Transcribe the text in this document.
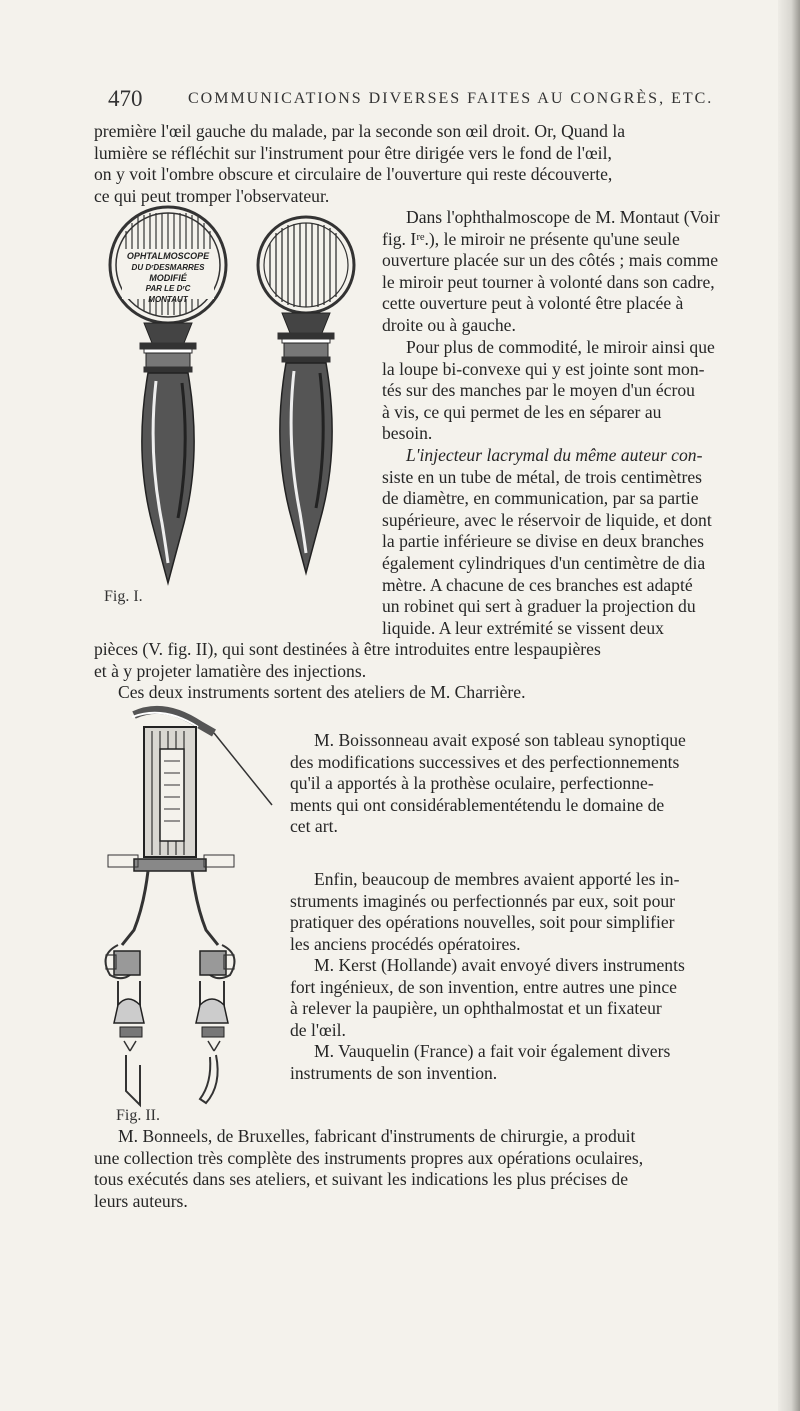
470	COMMUNICATIONS DIVERSES FAITES AU CONGRÈS, ETC.
première l'œil gauche du malade, par la seconde son œil droit. Or, Quand la
lumière se réfléchit sur l'instrument pour être dirigée vers le fond de l'œil,
on y voit l'ombre obscure et circulaire de l'ouverture qui reste découverte,
ce qui peut tromper l'observateur.
OPHTALMOSCOPE
DU DʳDESMARRES
MODIFIÉ
PAR LE DʳC
MONTAUT
Fig. I.
Dans l'ophthalmoscope de M. Montaut (Voir
fig. Iʳᵉ.), le miroir ne présente qu'une seule
ouverture placée sur un des côtés ; mais comme
le miroir peut tourner à volonté dans son cadre,
cette ouverture peut à volonté être placée à
droite ou à gauche.
Pour plus de commodité, le miroir ainsi que
la loupe bi-convexe qui y est jointe sont mon-
tés sur des manches par le moyen d'un écrou
à vis, ce qui permet de les en séparer au
besoin.
L'injecteur lacrymal du même auteur con-
siste en un tube de métal, de trois centimètres
de diamètre, en communication, par sa partie
supérieure, avec le réservoir de liquide, et dont
la partie inférieure se divise en deux branches
également cylindriques d'un centimètre de dia
mètre. A chacune de ces branches est adapté
un robinet qui sert à graduer la projection du
liquide. A leur extrémité se vissent deux
pièces (V. fig. II), qui sont destinées à être introduites entre lespaupières
et à y projeter lamatière des injections.
Ces deux instruments sortent des ateliers de M. Charrière.
Fig. II.
M. Boissonneau avait exposé son tableau synoptique
des modifications successives et des perfectionnements
qu'il a apportés à la prothèse oculaire, perfectionne-
ments qui ont considérablementétendu le domaine de
cet art.
Enfin, beaucoup de membres avaient apporté les in-
struments imaginés ou perfectionnés par eux, soit pour
pratiquer des opérations nouvelles, soit pour simplifier
les anciens procédés opératoires.
M. Kerst (Hollande) avait envoyé divers instruments
fort ingénieux, de son invention, entre autres une pince
à relever la paupière, un ophthalmostat et un fixateur
de l'œil.
M. Vauquelin (France) a fait voir également divers
instruments de son invention.
M. Bonneels, de Bruxelles, fabricant d'instruments de chirurgie, a produit
une collection très complète des instruments propres aux opérations oculaires,
tous exécutés dans ses ateliers, et suivant les indications les plus précises de
leurs auteurs.
